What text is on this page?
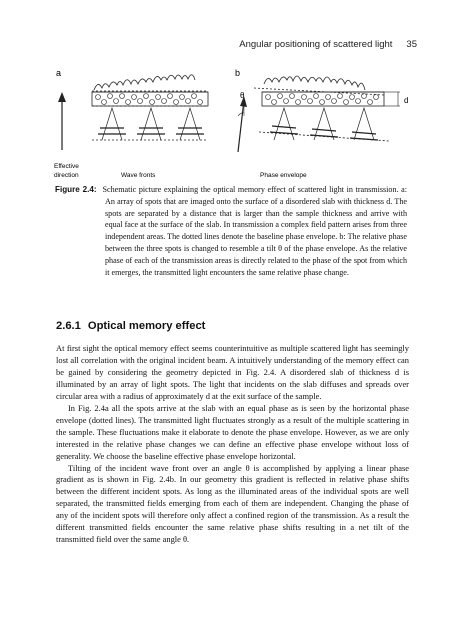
Angular positioning of scattered light 35
a	b
θ
d
Effective
direction	Wave fronts	Phase envelope
Figure 2.4: Schematic picture explaining the optical memory effect of scattered light in transmission. a: An array of spots that are imaged onto the surface of a disordered slab with thickness d. The spots are separated by a distance that is larger than the sample thickness and arrive with equal face at the surface of the slab. In transmission a complex field pattern arises from three independent areas. The dotted lines denote the baseline phase envelope. b: The relative phase between the three spots is changed to resemble a tilt θ of the phase envelope. As the relative phase of each of the transmission areas is directly related to the phase of the spot from which it emerges, the transmitted light encounters the same relative phase change.
2.6.1 Optical memory effect

At first sight the optical memory effect seems counterintuitive as multiple scattered light has seemingly lost all correlation with the original incident beam. A intuitively understanding of the memory effect can be gained by considering the geometry depicted in Fig. 2.4. A disordered slab of thickness d is illuminated by an array of light spots. The light that incidents on the slab diffuses and spreads over circular area with a radius of approximately d at the exit surface of the sample.

In Fig. 2.4a all the spots arrive at the slab with an equal phase as is seen by the horizontal phase envelope (dotted lines). The transmitted light fluctuates strongly as a result of the multiple scattering in the sample. These fluctuations make it elaborate to denote the phase envelope. However, as we are only interested in the relative phase changes we can define an effective phase envelope without loss of generality. We choose the baseline effective phase envelope horizontal.

Tilting of the incident wave front over an angle θ is accomplished by applying a linear phase gradient as is shown in Fig. 2.4b. In our geometry this gradient is reflected in relative phase shifts between the different incident spots. As long as the illuminated areas of the individual spots are well separated, the transmitted fields emerging from each of them are independent. Changing the phase of any of the incident spots will therefore only affect a confined region of the transmission. As a result the different transmitted fields encounter the same relative phase shifts resulting in a net tilt of the transmitted field over the same angle θ.
